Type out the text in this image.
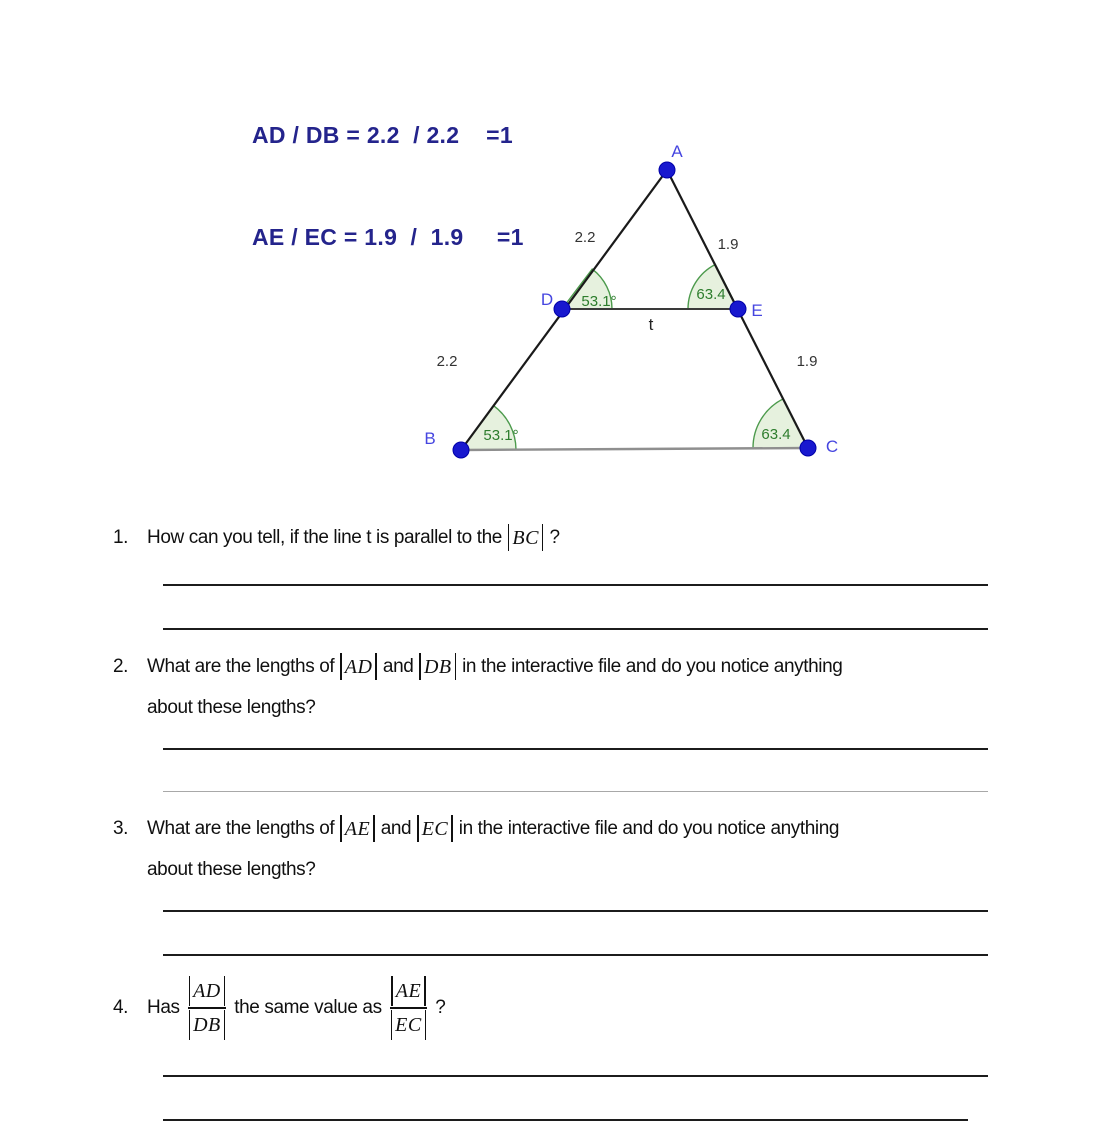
AD / DB = 2.2  / 2.2    =1

AE / EC = 1.9  /  1.9     =1

A
B	C
D
E
2.2	1.9
2.2	1.9
t
53.1°	63.4
53.1°	63.4
1. How can you tell, if the line t is parallel to the BC ?
2. What are the lengths of AD and DB in the interactive file and do you notice anything
about these lengths?
3. What are the lengths of AE and EC in the interactive file and do you notice anything
about these lengths?
4. Has $\frac{AD}{DB}$ the same value as $\frac{AE}{EC}$ ?
